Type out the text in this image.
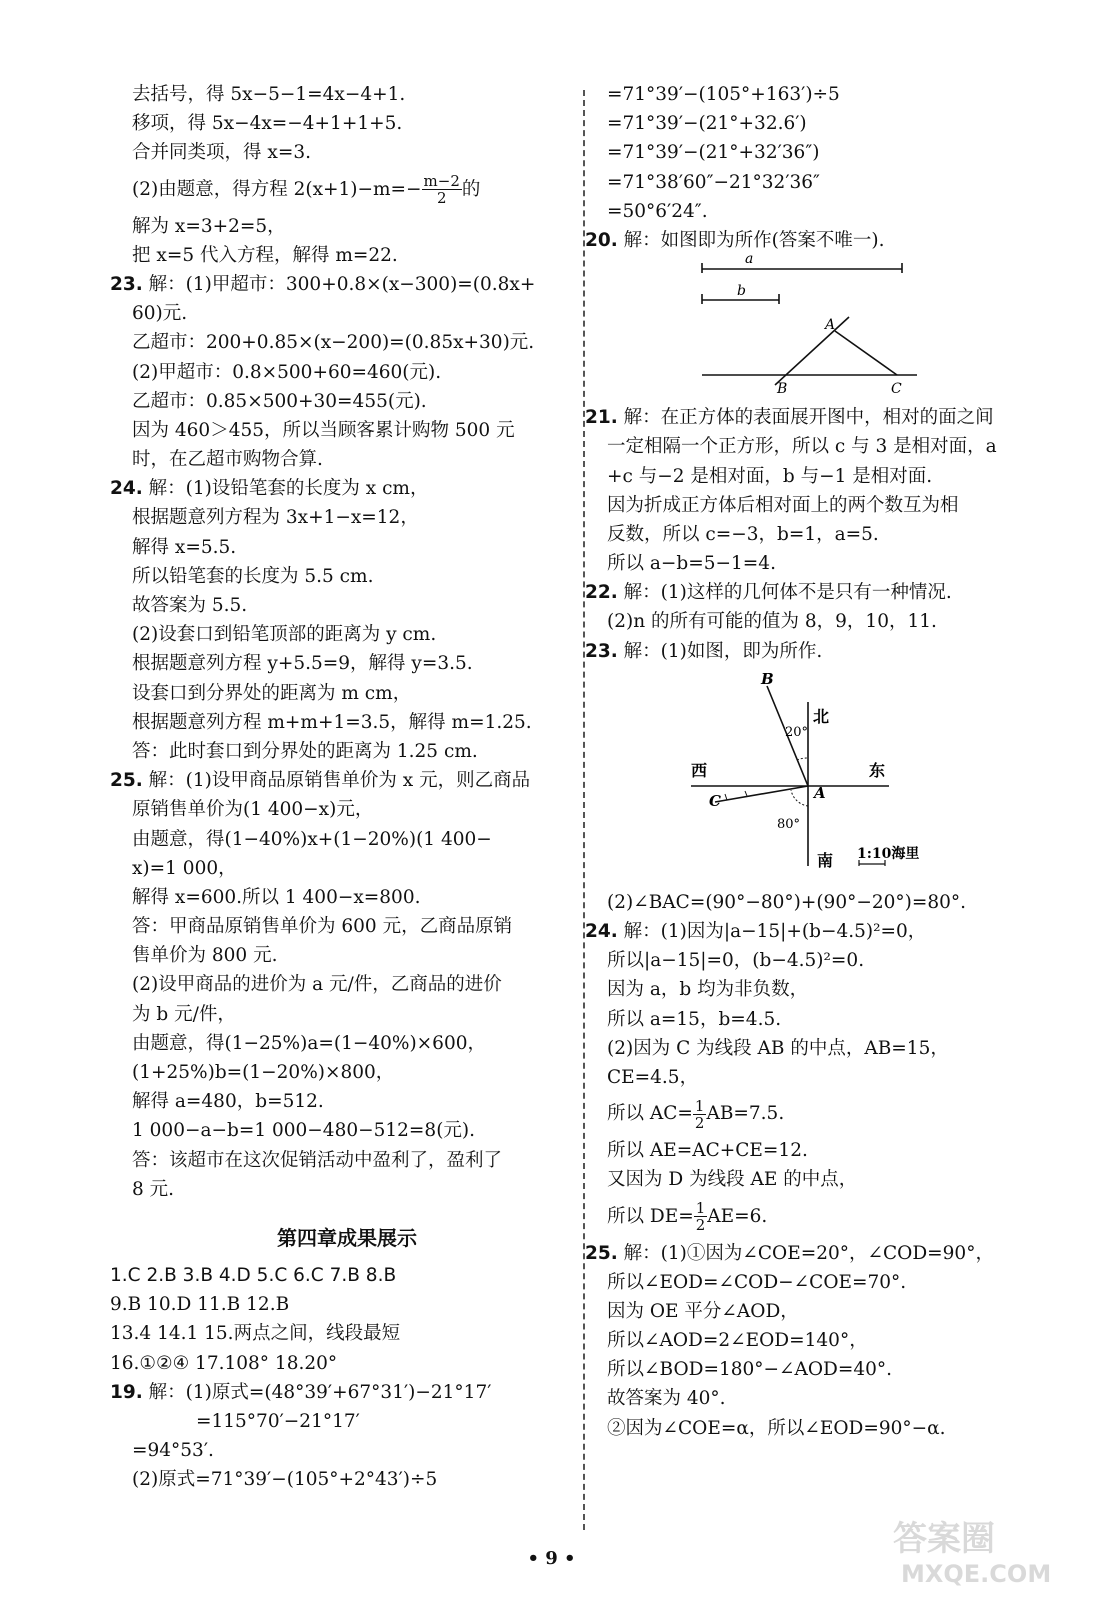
去括号，得 5x−5−1=4x−4+1.
移项，得 5x−4x=−4+1+1+5.
合并同类项，得 x=3.
(2)由题意，得方程 $2(x+1)-m=- \frac{m-2}{2}$ 的
解为 x=3+2=5，
把 x=5 代入方程，解得 m=22.
23. 解：(1)甲超市：300+0.8×(x−300)=(0.8x+
60)元.
乙超市：200+0.85×(x−200)=(0.85x+30)元.
(2)甲超市：0.8×500+60=460(元).
乙超市：0.85×500+30=455(元).
因为 460＞455，所以当顾客累计购物 500 元
时，在乙超市购物合算.
24. 解：(1)设铅笔套的长度为 x cm，
根据题意列方程为 3x+1−x=12，
解得 x=5.5.
所以铅笔套的长度为 5.5 cm.
故答案为 5.5.
(2)设套口到铅笔顶部的距离为 y cm.
根据题意列方程 y+5.5=9，解得 y=3.5.
设套口到分界处的距离为 m cm，
根据题意列方程 m+m+1=3.5，解得 m=1.25.
答：此时套口到分界处的距离为 1.25 cm.
25. 解：(1)设甲商品原销售单价为 x 元，则乙商品
原销售单价为(1 400−x)元，
由题意，得(1−40%)x+(1−20%)(1 400−
x)=1 000，
解得 x=600.所以 1 400−x=800.
答：甲商品原销售单价为 600 元，乙商品原销
售单价为 800 元.
(2)设甲商品的进价为 a 元/件，乙商品的进价
为 b 元/件，
由题意，得(1−25%)a=(1−40%)×600，
(1+25%)b=(1−20%)×800，
解得 a=480，b=512.
1 000−a−b=1 000−480−512=8(元).
答：该超市在这次促销活动中盈利了，盈利了
8 元.
第四章成果展示
1.C 2.B 3.B 4.D 5.C 6.C 7.B 8.B
9.B 10.D 11.B 12.B
13.4 14.1 15.两点之间，线段最短
16.①②④ 17.108° 18.20°
19. 解：(1)原式=(48°39′+67°31′)−21°17′
=115°70′−21°17′
=94°53′.
(2)原式=71°39′−(105°+2°43′)÷5
=71°39′−(105°+163′)÷5
=71°39′−(21°+32.6′)
=71°39′−(21°+32′36″)
=71°38′60″−21°32′36″
=50°6′24″.
20. 解：如图即为所作(答案不唯一).
a
b
A
B	C
21. 解：在正方体的表面展开图中，相对的面之间
一定相隔一个正方形，所以 c 与 3 是相对面，a
+c 与−2 是相对面，b 与−1 是相对面.
因为折成正方体后相对面上的两个数互为相
反数，所以 c=−3，b=1，a=5.
所以 a−b=5−1=4.
22. 解：(1)这样的几何体不是只有一种情况.
(2)n 的所有可能的值为 8，9，10，11.
23. 解：(1)如图，即为所作.
B
20°
北
西	东
C	A
80°
南 1:10海里
(2)∠BAC=(90°−80°)+(90°−20°)=80°.
24. 解：(1)因为|a−15|+(b−4.5)²=0，
所以|a−15|=0，(b−4.5)²=0.
因为 a，b 均为非负数，
所以 a=15，b=4.5.
(2)因为 C 为线段 AB 的中点，AB=15，
CE=4.5，
所以 $AC= \frac{1}{2} AB=7.5$.
所以 AE=AC+CE=12.
又因为 D 为线段 AE 的中点，
所以 $DE= \frac{1}{2} AE=6$.
25. 解：(1)①因为∠COE=20°，∠COD=90°，
所以∠EOD=∠COD−∠COE=70°.
因为 OE 平分∠AOD，
所以∠AOD=2∠EOD=140°，
所以∠BOD=180°−∠AOD=40°.
故答案为 40°.
②因为∠COE=α，所以∠EOD=90°−α.
• 9 •	答案圈
MXQE.COM
